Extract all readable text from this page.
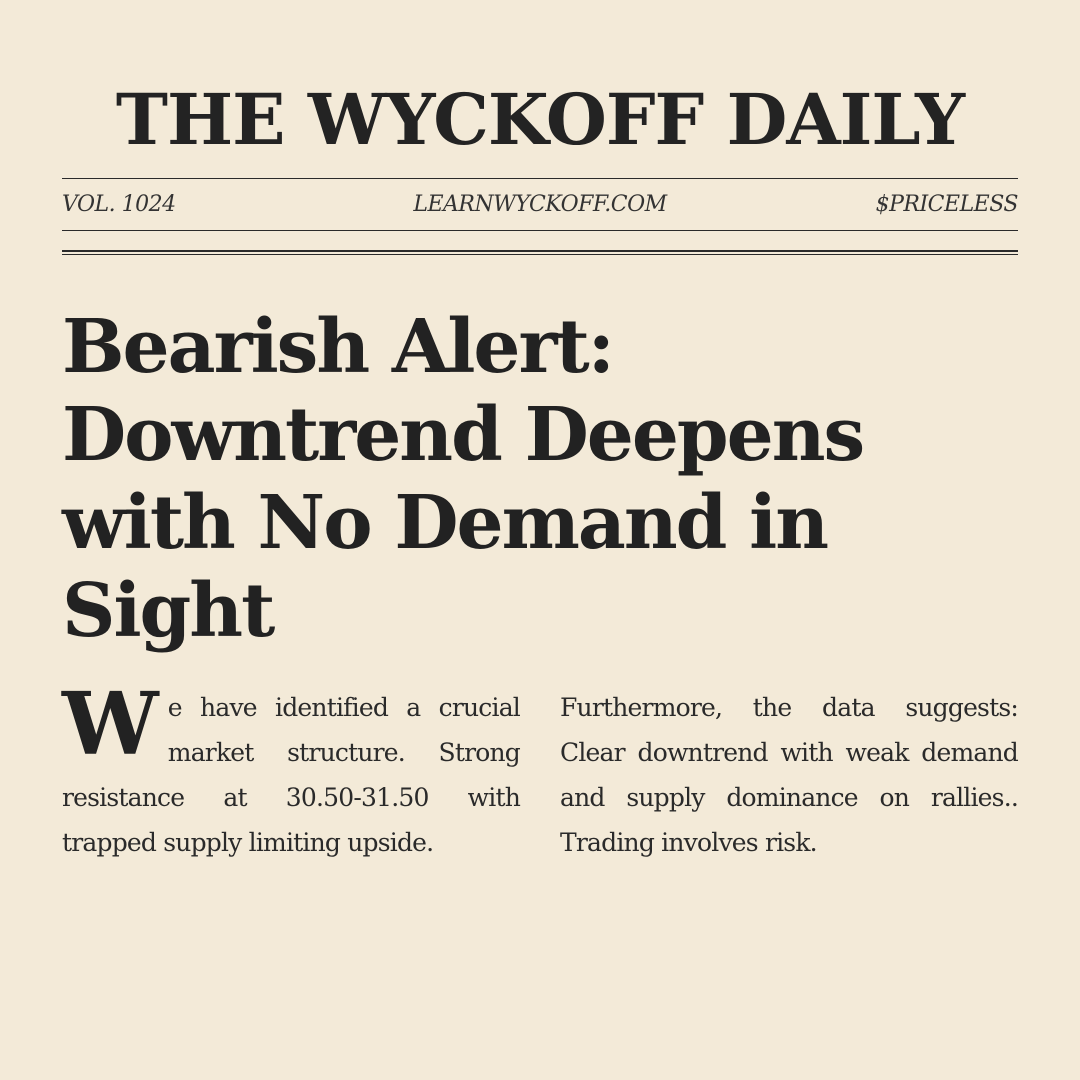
THE WYCKOFF DAILY
VOL. 1024	LEARNWYCKOFF.COM	$PRICELESS
Bearish Alert: Downtrend Deepens with No Demand in Sight

We have identified a crucial market structure. Strong resistance at 30.50-31.50 with trapped supply limiting upside.

Furthermore, the data suggests: Clear downtrend with weak demand and supply dominance on rallies.. Trading involves risk.
